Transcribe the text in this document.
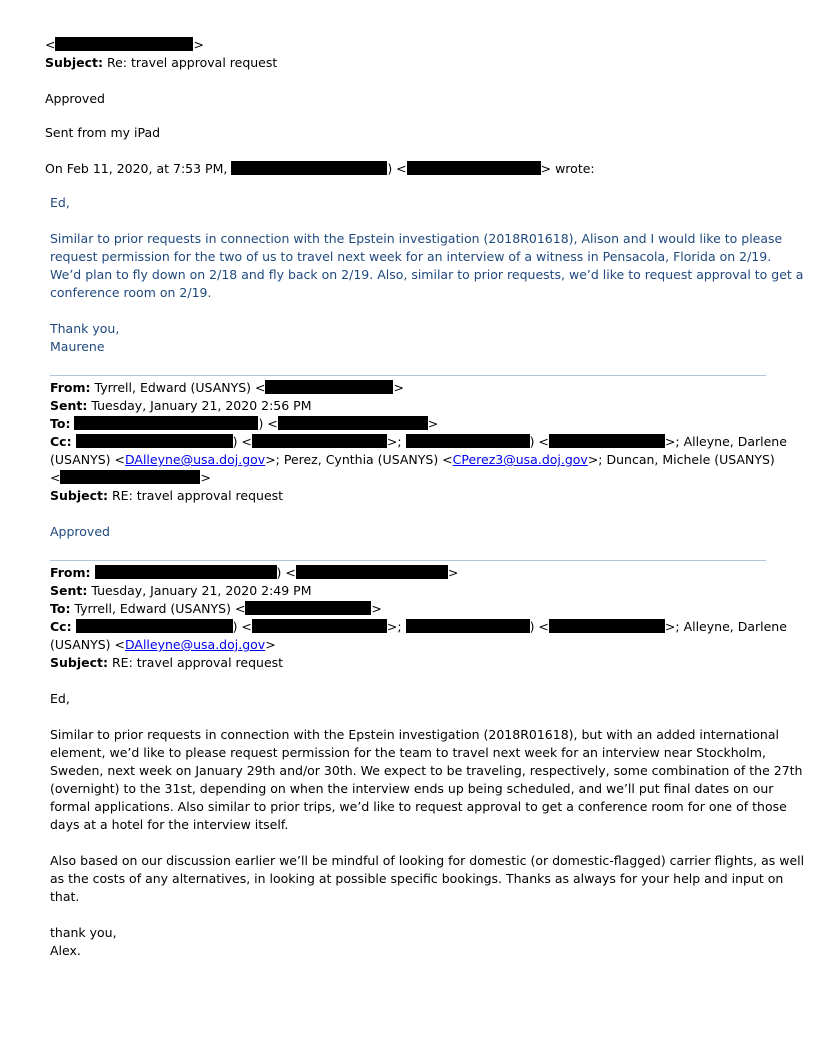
<	>
Subject: Re: travel approval request
Approved
Sent from my iPad
On Feb 11, 2020, at 7:53 PM,	) <	> wrote:
Ed,
Similar to prior requests in connection with the Epstein investigation (2018R01618), Alison and I would like to please
request permission for the two of us to travel next week for an interview of a witness in Pensacola, Florida on 2/19.
We’d plan to fly down on 2/18 and fly back on 2/19. Also, similar to prior requests, we’d like to request approval to get a
conference room on 2/19.
Thank you,
Maurene
From: Tyrrell, Edward (USANYS) <	>
Sent: Tuesday, January 21, 2020 2:56 PM
To:	) <	>
Cc:	) <	>;	) <	>; Alleyne, Darlene
(USANYS) <DAlleyne@usa.doj.gov>; Perez, Cynthia (USANYS) <CPerez3@usa.doj.gov>; Duncan, Michele (USANYS)
<	>
Subject: RE: travel approval request
Approved
From:	) <	>
Sent: Tuesday, January 21, 2020 2:49 PM
To: Tyrrell, Edward (USANYS) <	>
Cc:	) <	>;	) <	>; Alleyne, Darlene
(USANYS) <DAlleyne@usa.doj.gov>
Subject: RE: travel approval request
Ed,
Similar to prior requests in connection with the Epstein investigation (2018R01618), but with an added international
element, we’d like to please request permission for the team to travel next week for an interview near Stockholm,
Sweden, next week on January 29th and/or 30th. We expect to be traveling, respectively, some combination of the 27th
(overnight) to the 31st, depending on when the interview ends up being scheduled, and we’ll put final dates on our
formal applications. Also similar to prior trips, we’d like to request approval to get a conference room for one of those
days at a hotel for the interview itself.
Also based on our discussion earlier we’ll be mindful of looking for domestic (or domestic-flagged) carrier flights, as well
as the costs of any alternatives, in looking at possible specific bookings. Thanks as always for your help and input on
that.
thank you,
Alex.
